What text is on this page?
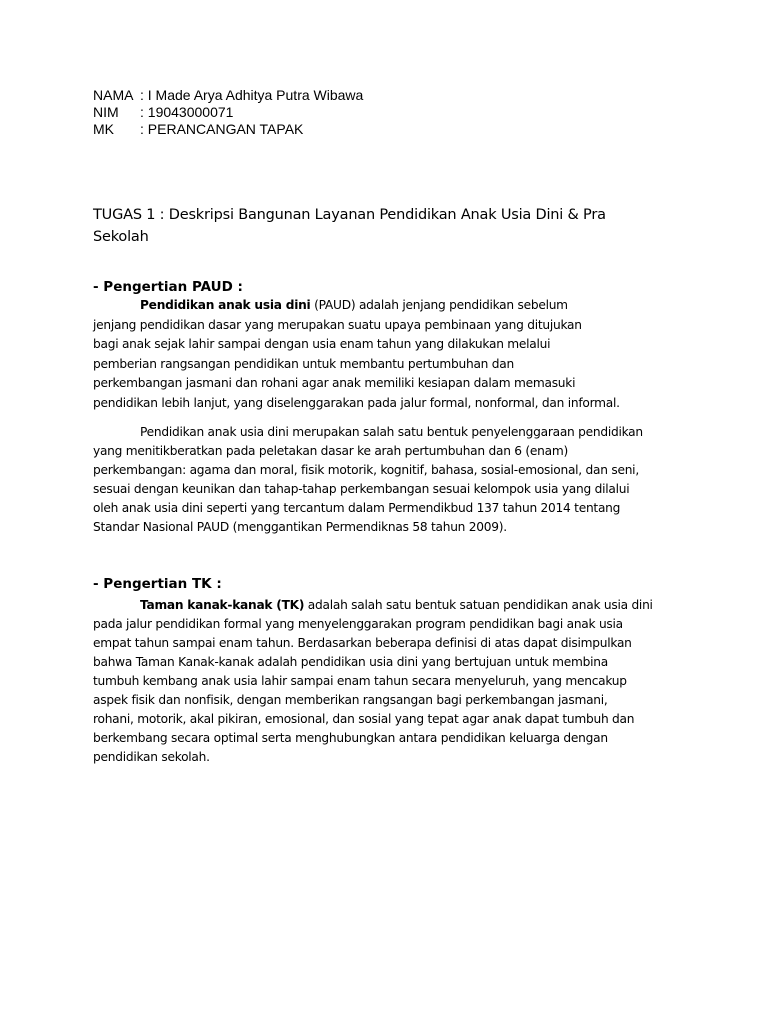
NAMA : I Made Arya Adhitya Putra Wibawa
NIM	: 19043000071
MK	: PERANCANGAN TAPAK
TUGAS 1 : Deskripsi Bangunan Layanan Pendidikan Anak Usia Dini & Pra
Sekolah
- Pengertian PAUD :
Pendidikan anak usia dini (PAUD) adalah jenjang pendidikan sebelum
jenjang pendidikan dasar yang merupakan suatu upaya pembinaan yang ditujukan
bagi anak sejak lahir sampai dengan usia enam tahun yang dilakukan melalui
pemberian rangsangan pendidikan untuk membantu pertumbuhan dan
perkembangan jasmani dan rohani agar anak memiliki kesiapan dalam memasuki
pendidikan lebih lanjut, yang diselenggarakan pada jalur formal, nonformal, dan informal.
Pendidikan anak usia dini merupakan salah satu bentuk penyelenggaraan pendidikan
yang menitikberatkan pada peletakan dasar ke arah pertumbuhan dan 6 (enam)
perkembangan: agama dan moral, fisik motorik, kognitif, bahasa, sosial-emosional, dan seni,
sesuai dengan keunikan dan tahap-tahap perkembangan sesuai kelompok usia yang dilalui
oleh anak usia dini seperti yang tercantum dalam Permendikbud 137 tahun 2014 tentang
Standar Nasional PAUD (menggantikan Permendiknas 58 tahun 2009).
- Pengertian TK :
Taman kanak-kanak (TK) adalah salah satu bentuk satuan pendidikan anak usia dini
pada jalur pendidikan formal yang menyelenggarakan program pendidikan bagi anak usia
empat tahun sampai enam tahun. Berdasarkan beberapa definisi di atas dapat disimpulkan
bahwa Taman Kanak-kanak adalah pendidikan usia dini yang bertujuan untuk membina
tumbuh kembang anak usia lahir sampai enam tahun secara menyeluruh, yang mencakup
aspek fisik dan nonfisik, dengan memberikan rangsangan bagi perkembangan jasmani,
rohani, motorik, akal pikiran, emosional, dan sosial yang tepat agar anak dapat tumbuh dan
berkembang secara optimal serta menghubungkan antara pendidikan keluarga dengan
pendidikan sekolah.
